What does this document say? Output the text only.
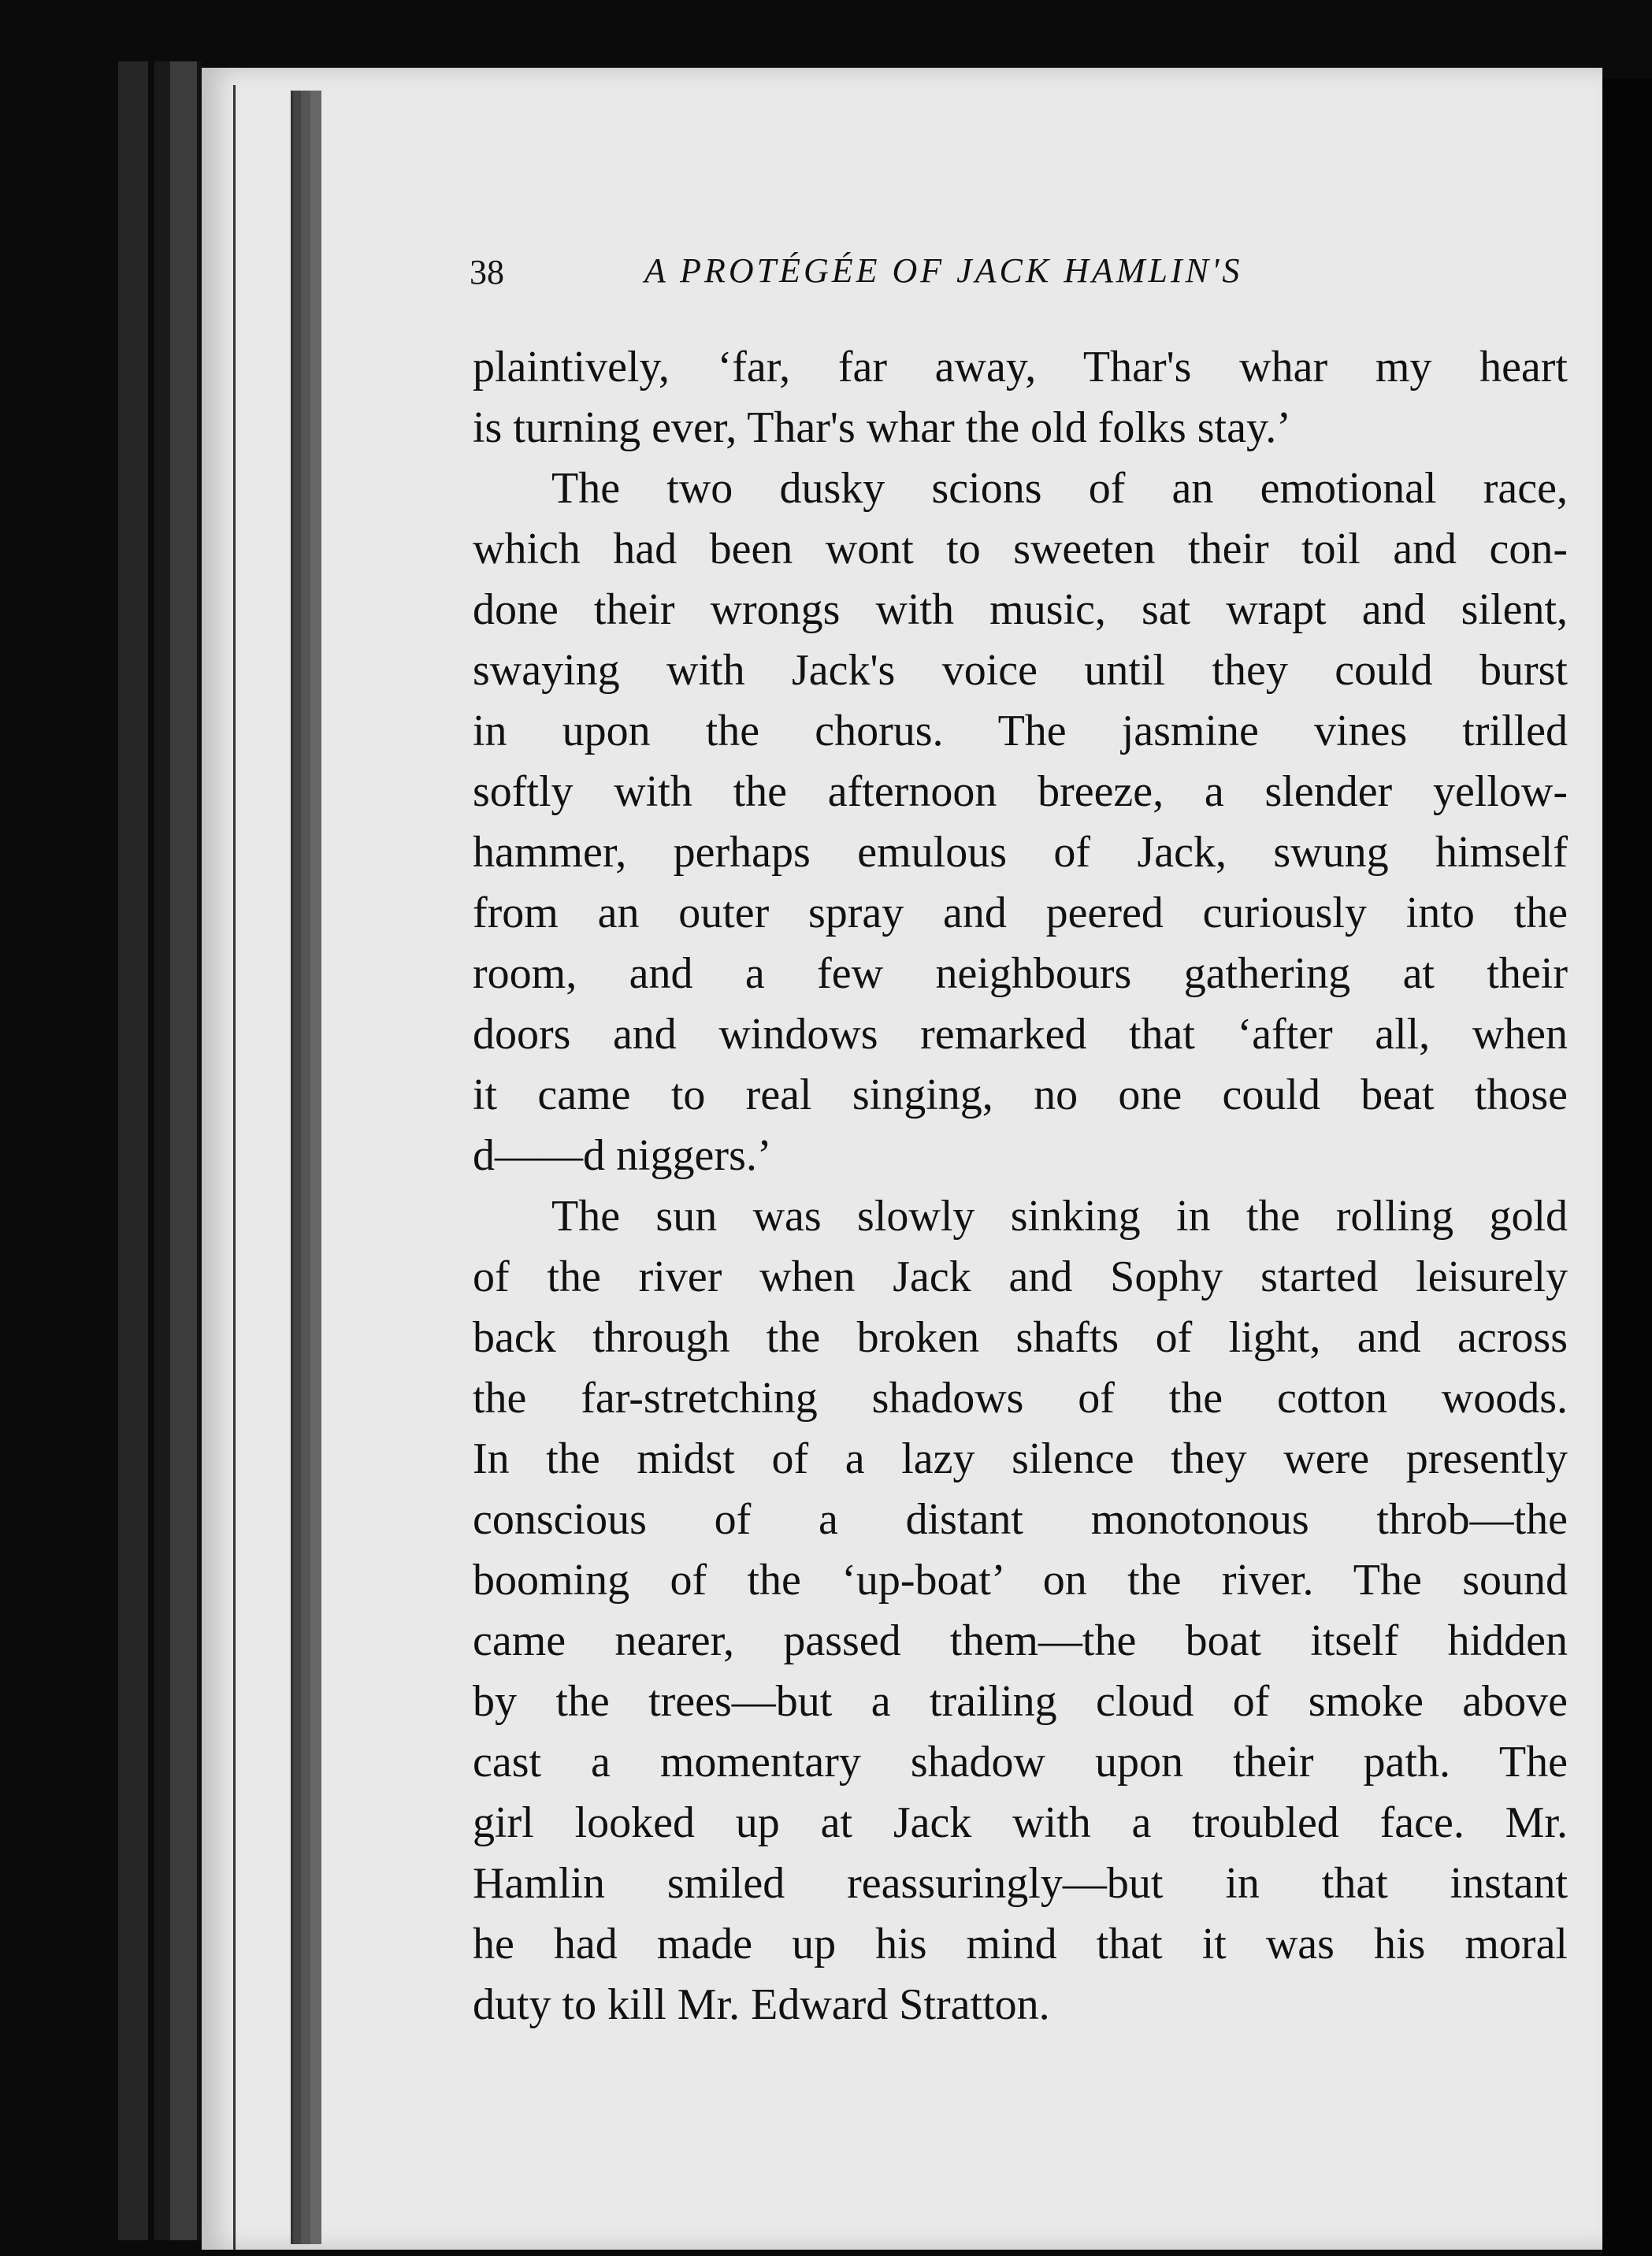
38	A PROTÉGÉE OF JACK HAMLIN'S
plaintively, ‘far, far away, Thar's whar my heart
is turning ever, Thar's whar the old folks stay.’
The two dusky scions of an emotional race,
which had been wont to sweeten their toil and con-
done their wrongs with music, sat wrapt and silent,
swaying with Jack's voice until they could burst
in upon the chorus. The jasmine vines trilled
softly with the afternoon breeze, a slender yellow-
hammer, perhaps emulous of Jack, swung himself
from an outer spray and peered curiously into the
room, and a few neighbours gathering at their
doors and windows remarked that ‘after all, when
it came to real singing, no one could beat those
d——d niggers.’
The sun was slowly sinking in the rolling gold
of the river when Jack and Sophy started leisurely
back through the broken shafts of light, and across
the far-stretching shadows of the cotton woods.
In the midst of a lazy silence they were presently
conscious of a distant monotonous throb—the
booming of the ‘up-boat’ on the river. The sound
came nearer, passed them—the boat itself hidden
by the trees—but a trailing cloud of smoke above
cast a momentary shadow upon their path. The
girl looked up at Jack with a troubled face. Mr.
Hamlin smiled reassuringly—but in that instant
he had made up his mind that it was his moral
duty to kill Mr. Edward Stratton.
